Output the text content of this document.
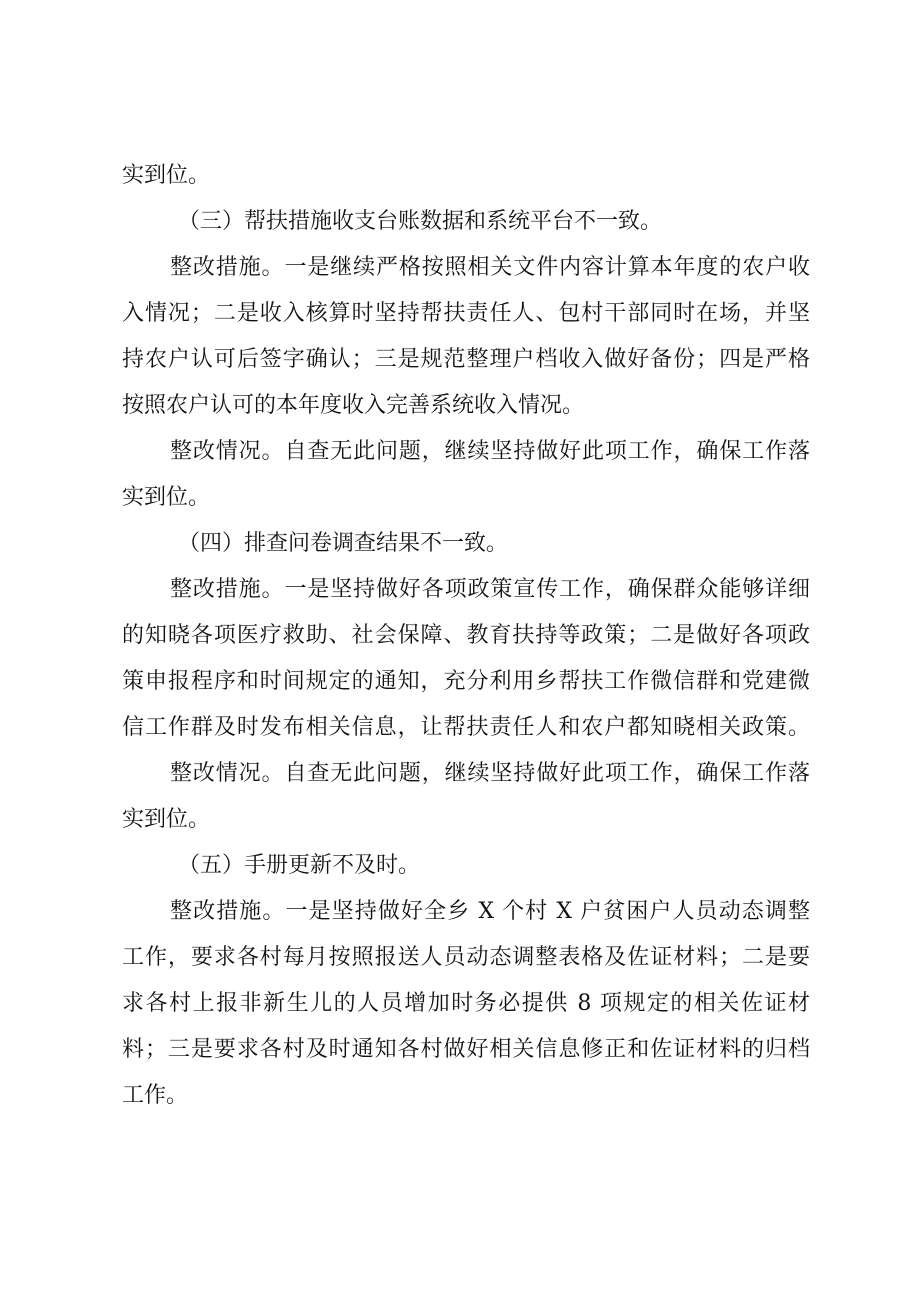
实到位。
（三）帮扶措施收支台账数据和系统平台不一致。
整改措施。一是继续严格按照相关文件内容计算本年度的农户收
入情况；二是收入核算时坚持帮扶责任人、包村干部同时在场，并坚
持农户认可后签字确认；三是规范整理户档收入做好备份；四是严格
按照农户认可的本年度收入完善系统收入情况。
整改情况。自查无此问题，继续坚持做好此项工作，确保工作落
实到位。
（四）排查问卷调查结果不一致。
整改措施。一是坚持做好各项政策宣传工作，确保群众能够详细
的知晓各项医疗救助、社会保障、教育扶持等政策；二是做好各项政
策申报程序和时间规定的通知，充分利用乡帮扶工作微信群和党建微
信工作群及时发布相关信息，让帮扶责任人和农户都知晓相关政策。
整改情况。自查无此问题，继续坚持做好此项工作，确保工作落
实到位。
（五）手册更新不及时。
整改措施。一是坚持做好全乡 X 个村 X 户贫困户人员动态调整
工作，要求各村每月按照报送人员动态调整表格及佐证材料；二是要
求各村上报非新生儿的人员增加时务必提供 8 项规定的相关佐证材
料；三是要求各村及时通知各村做好相关信息修正和佐证材料的归档
工作。
